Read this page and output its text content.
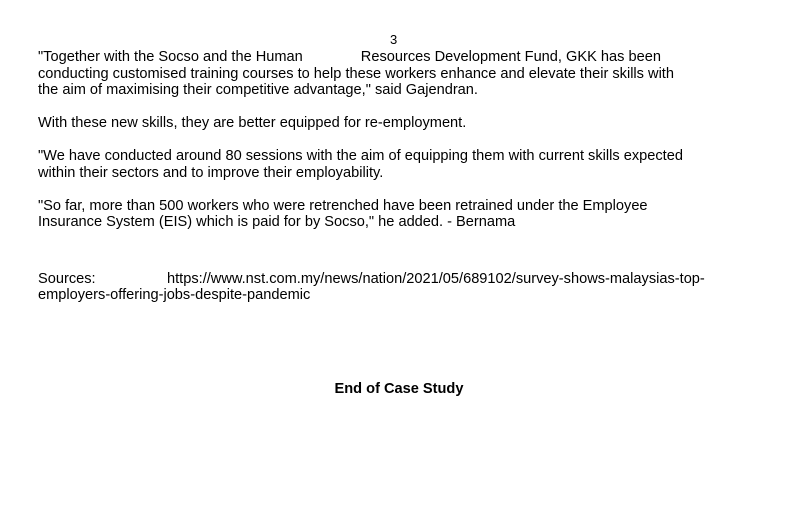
3

"Together with the Socso and the Human	Resources Development Fund, GKK has been
conducting customised training courses to help these workers enhance and elevate their skills with
the aim of maximising their competitive advantage," said Gajendran.

With these new skills, they are better equipped for re-employment.

"We have conducted around 80 sessions with the aim of equipping them with current skills expected
within their sectors and to improve their employability.

"So far, more than 500 workers who were retrenched have been retrained under the Employee
Insurance System (EIS) which is paid for by Socso," he added. - Bernama

Sources:	https://www.nst.com.my/news/nation/2021/05/689102/survey-shows-malaysias-top-
employers-offering-jobs-despite-pandemic
End of Case Study
